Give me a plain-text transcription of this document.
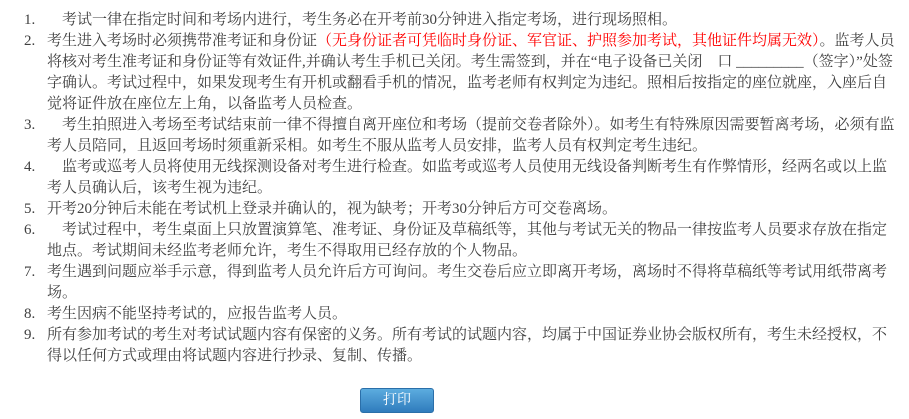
1. 　考试一律在指定时间和考场内进行，考生务必在开考前30分钟进入指定考场，进行现场照相。
2. 考生进入考场时必须携带准考证和身份证（无身份证者可凭临时身份证、军官证、护照参加考试，其他证件均属无效）。监考人员将核对考生准考证和身份证等有效证件,并确认考生手机已关闭。考生需签到，并在“电子设备已关闭　口 _________（签字）”处签字确认。考试过程中，如果发现考生有开机或翻看手机的情况，监考老师有权判定为违纪。照相后按指定的座位就座，入座后自觉将证件放在座位左上角，以备监考人员检查。
3. 　考生拍照进入考场至考试结束前一律不得擅自离开座位和考场（提前交卷者除外）。如考生有特殊原因需要暂离考场，必须有监考人员陪同，且返回考场时须重新采相。如考生不服从监考人员安排，监考人员有权判定考生违纪。
4. 　监考或巡考人员将使用无线探测设备对考生进行检查。如监考或巡考人员使用无线设备判断考生有作弊情形，经两名或以上监考人员确认后，该考生视为违纪。
5. 开考20分钟后未能在考试机上登录并确认的，视为缺考；开考30分钟后方可交卷离场。
6. 　考试过程中，考生桌面上只放置演算笔、准考证、身份证及草稿纸等，其他与考试无关的物品一律按监考人员要求存放在指定地点。考试期间未经监考老师允许，考生不得取用已经存放的个人物品。
7. 考生遇到问题应举手示意，得到监考人员允许后方可询问。考生交卷后应立即离开考场，离场时不得将草稿纸等考试用纸带离考场。
8. 考生因病不能坚持考试的，应报告监考人员。
9. 所有参加考试的考生对考试试题内容有保密的义务。所有考试的试题内容，均属于中国证券业协会版权所有，考生未经授权，不得以任何方式或理由将试题内容进行抄录、复制、传播。
打印
